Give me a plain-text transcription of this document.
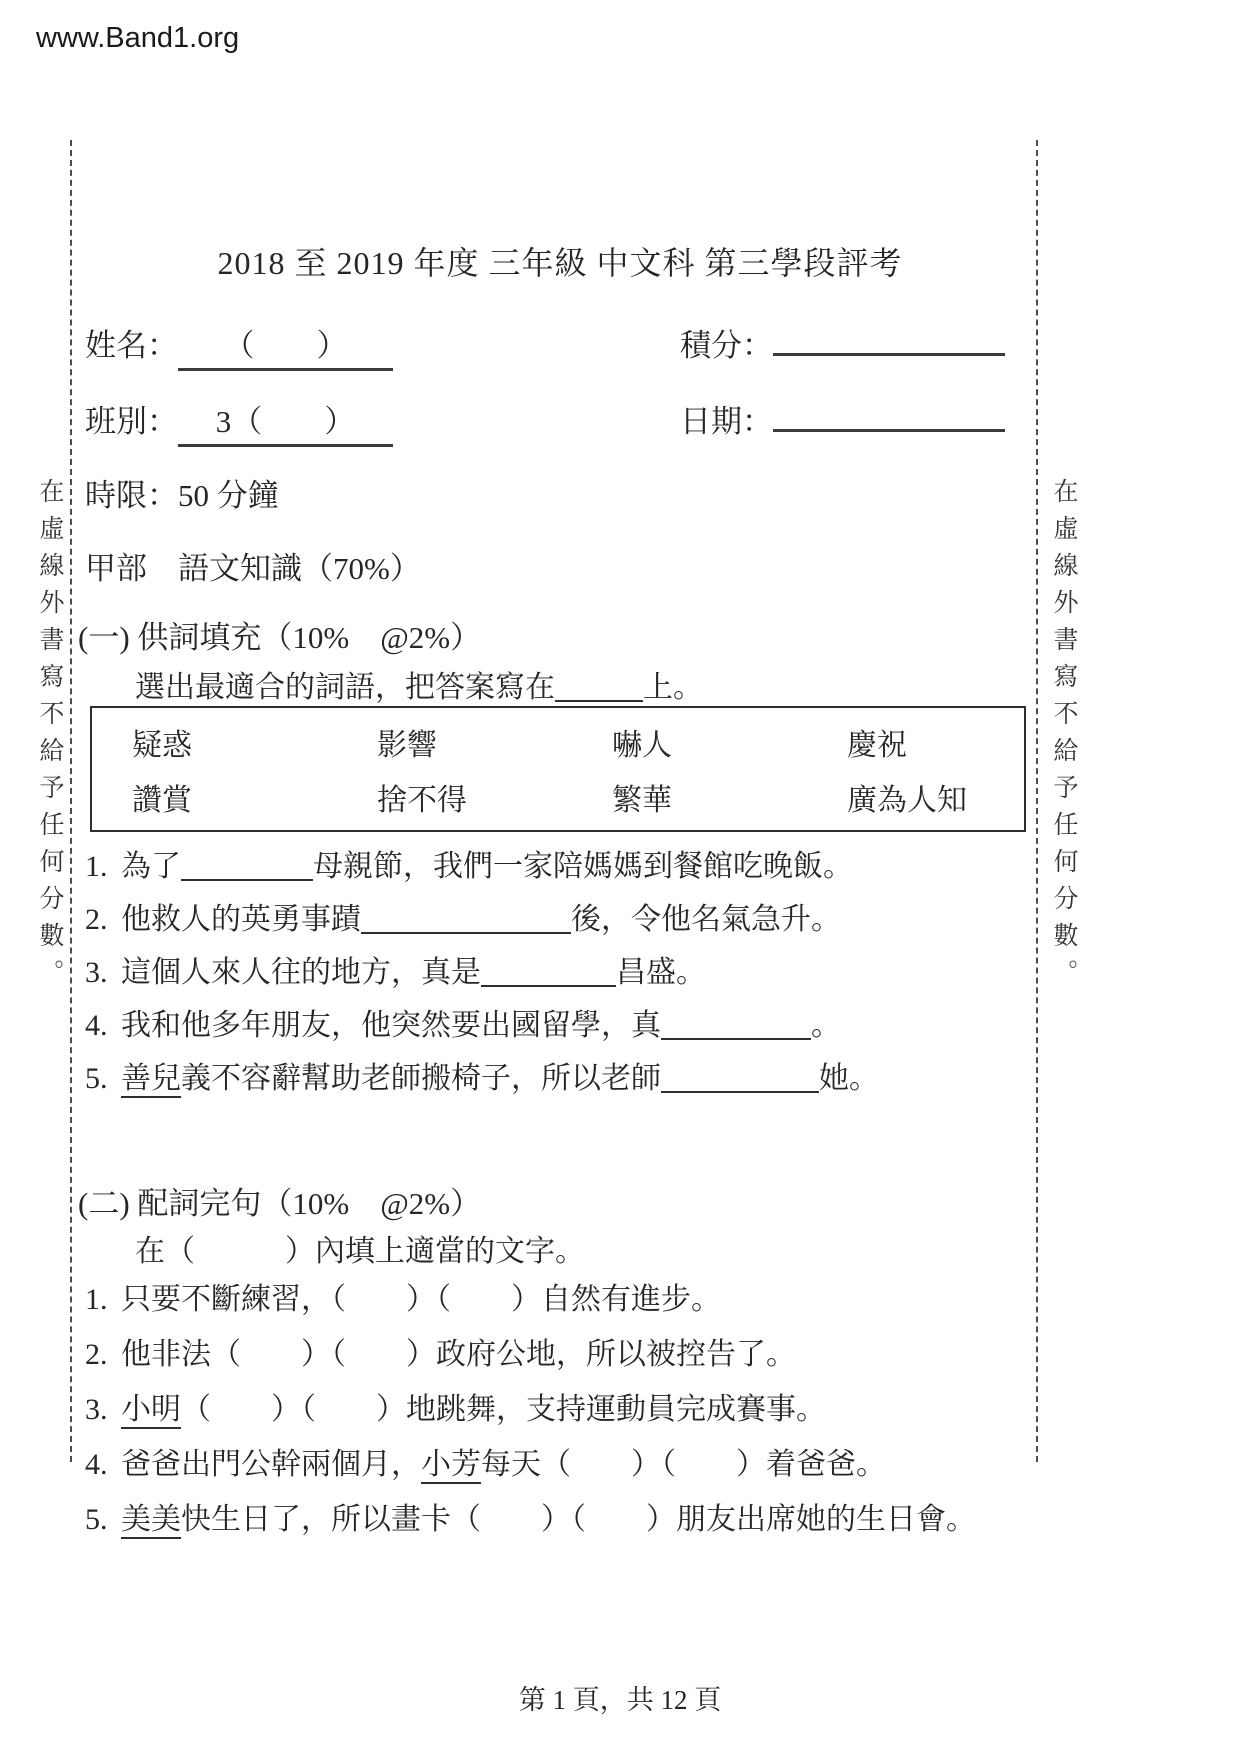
www.Band1.org
在虛線外書寫不給予任何分數。	在虛線外書寫不給予任何分數。
2018 至 2019 年度 三年級 中文科 第三學段評考
姓名： （　　）	積分：
班別： 3（　　）	日期：
時限：50 分鐘
甲部　語文知識（70%）
(一) 供詞填充（10%　@2%）
選出最適合的詞語，把答案寫在	上。
疑惑	影響	嚇人	慶祝
讚賞	捨不得	繁華	廣為人知
1. 為了	母親節，我們一家陪媽媽到餐館吃晚飯。
2. 他救人的英勇事蹟	後，令他名氣急升。
3. 這個人來人往的地方，真是	昌盛。
4. 我和他多年朋友，他突然要出國留學，真	。
5. 善兒義不容辭幫助老師搬椅子，所以老師	她。
(二) 配詞完句（10%　@2%）
在（　　　）內填上適當的文字。
1. 只要不斷練習，（　　）（　　）自然有進步。
2. 他非法（　　）（　　）政府公地，所以被控告了。
3. 小明（　　）（　　）地跳舞，支持運動員完成賽事。
4. 爸爸出門公幹兩個月，小芳每天（　　）（　　）着爸爸。
5. 美美快生日了，所以畫卡（　　）（　　）朋友出席她的生日會。
第 1 頁，共 12 頁
